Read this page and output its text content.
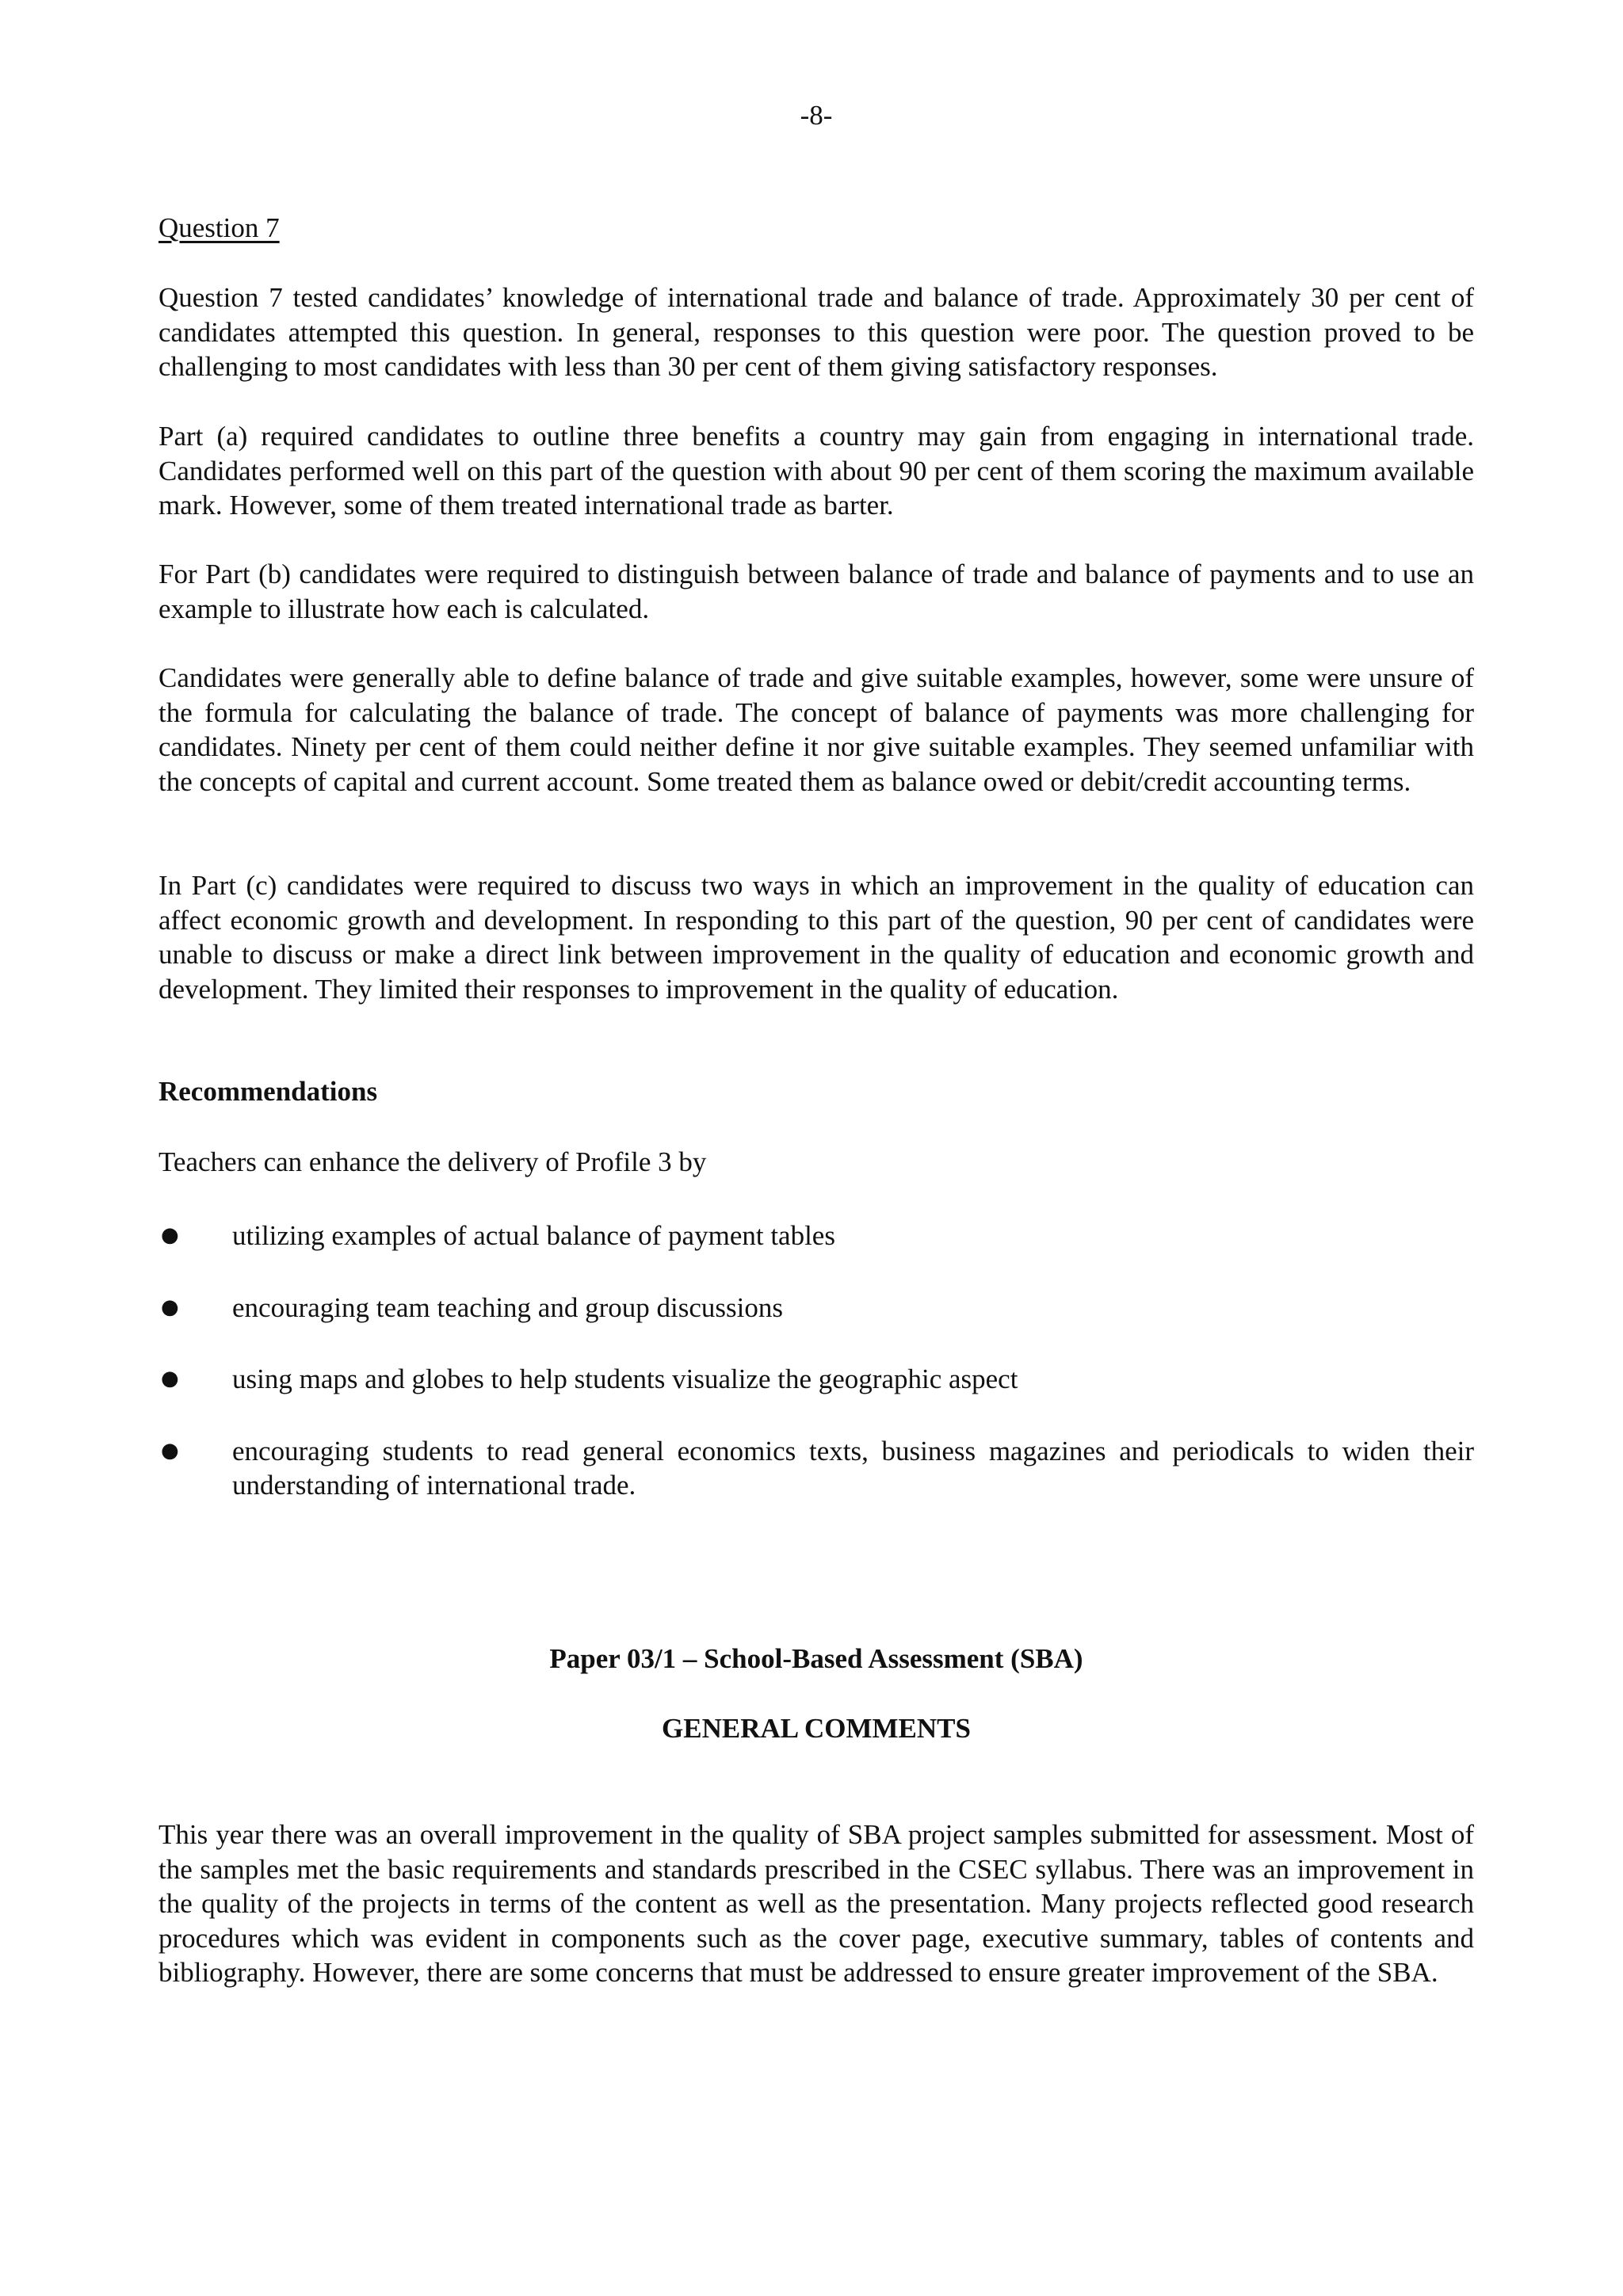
-8-

Question 7

Question 7 tested candidates’ knowledge of international trade and balance of trade. Approximately 30 per cent of candidates attempted this question. In general, responses to this question were poor. The question proved to be challenging to most candidates with less than 30 per cent of them giving satisfactory responses.

Part (a) required candidates to outline three benefits a country may gain from engaging in international trade. Candidates performed well on this part of the question with about 90 per cent of them scoring the maximum available mark. However, some of them treated international trade as barter.

For Part (b) candidates were required to distinguish between balance of trade and balance of payments and to use an example to illustrate how each is calculated.

Candidates were generally able to define balance of trade and give suitable examples, however, some were unsure of the formula for calculating the balance of trade. The concept of balance of payments was more challenging for candidates. Ninety per cent of them could neither define it nor give suitable examples. They seemed unfamiliar with the concepts of capital and current account. Some treated them as balance owed or debit/credit accounting terms.

In Part (c) candidates were required to discuss two ways in which an improvement in the quality of education can affect economic growth and development. In responding to this part of the question, 90 per cent of candidates were unable to discuss or make a direct link between improvement in the quality of education and economic growth and development. They limited their responses to improvement in the quality of education.

Recommendations

Teachers can enhance the delivery of Profile 3 by

● utilizing examples of actual balance of payment tables
● encouraging team teaching and group discussions
● using maps and globes to help students visualize the geographic aspect
● encouraging students to read general economics texts, business magazines and periodicals to widen their understanding of international trade.
Paper 03/1 – School-Based Assessment (SBA)
GENERAL COMMENTS

This year there was an overall improvement in the quality of SBA project samples submitted for assessment. Most of the samples met the basic requirements and standards prescribed in the CSEC syllabus. There was an improvement in the quality of the projects in terms of the content as well as the presentation. Many projects reflected good research procedures which was evident in components such as the cover page, executive summary, tables of contents and bibliography. However, there are some concerns that must be addressed to ensure greater improvement of the SBA.
